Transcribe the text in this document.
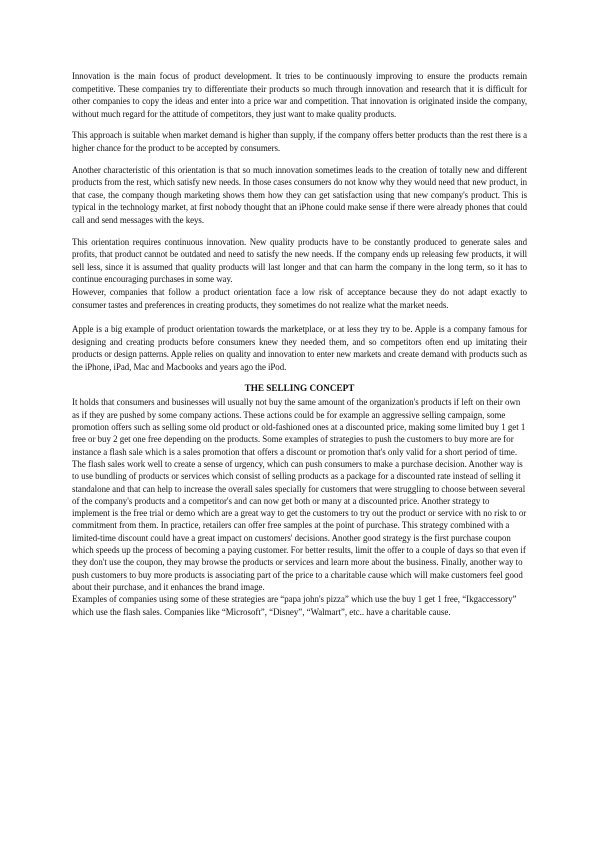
Innovation is the main focus of product development. It tries to be continuously improving to ensure the products remain competitive. These companies try to differentiate their products so much through innovation and research that it is difficult for other companies to copy the ideas and enter into a price war and competition. That innovation is originated inside the company, without much regard for the attitude of competitors, they just want to make quality products.

This approach is suitable when market demand is higher than supply, if the company offers better products than the rest there is a higher chance for the product to be accepted by consumers.

Another characteristic of this orientation is that so much innovation sometimes leads to the creation of totally new and different products from the rest, which satisfy new needs. In those cases consumers do not know why they would need that new product, in that case, the company though marketing shows them how they can get satisfaction using that new company's product. This is typical in the technology market, at first nobody thought that an iPhone could make sense if there were already phones that could call and send messages with the keys.

This orientation requires continuous innovation. New quality products have to be constantly produced to generate sales and profits, that product cannot be outdated and need to satisfy the new needs. If the company ends up releasing few products, it will sell less, since it is assumed that quality products will last longer and that can harm the company in the long term, so it has to continue encouraging purchases in some way.

However, companies that follow a product orientation face a low risk of acceptance because they do not adapt exactly to consumer tastes and preferences in creating products, they sometimes do not realize what the market needs.

Apple is a big example of product orientation towards the marketplace, or at less they try to be. Apple is a company famous for designing and creating products before consumers knew they needed them, and so competitors often end up imitating their products or design patterns. Apple relies on quality and innovation to enter new markets and create demand with products such as the iPhone, iPad, Mac and Macbooks and years ago the iPod.

THE SELLING CONCEPT

It holds that consumers and businesses will usually not buy the same amount of the organization's products if left on their own as if they are pushed by some company actions. These actions could be for example an aggressive selling campaign, some promotion offers such as selling some old product or old-fashioned ones at a discounted price, making some limited buy 1 get 1 free or buy 2 get one free depending on the products. Some examples of strategies to push the customers to buy more are for instance a flash sale which is a sales promotion that offers a discount or promotion that's only valid for a short period of time. The flash sales work well to create a sense of urgency, which can push consumers to make a purchase decision. Another way is to use bundling of products or services which consist of selling products as a package for a discounted rate instead of selling it standalone and that can help to increase the overall sales specially for customers that were struggling to choose between several of the company's products and a competitor's and can now get both or many at a discounted price. Another strategy to implement is the free trial or demo which are a great way to get the customers to try out the product or service with no risk to or commitment from them. In practice, retailers can offer free samples at the point of purchase. This strategy combined with a limited-time discount could have a great impact on customers' decisions. Another good strategy is the first purchase coupon which speeds up the process of becoming a paying customer. For better results, limit the offer to a couple of days so that even if they don't use the coupon, they may browse the products or services and learn more about the business. Finally, another way to push customers to buy more products is associating part of the price to a charitable cause which will make customers feel good about their purchase, and it enhances the brand image.

Examples of companies using some of these strategies are “papa john's pizza” which use the buy 1 get 1 free, “Ikgaccessory” which use the flash sales. Companies like “Microsoft”, “Disney”, “Walmart”, etc.. have a charitable cause.
